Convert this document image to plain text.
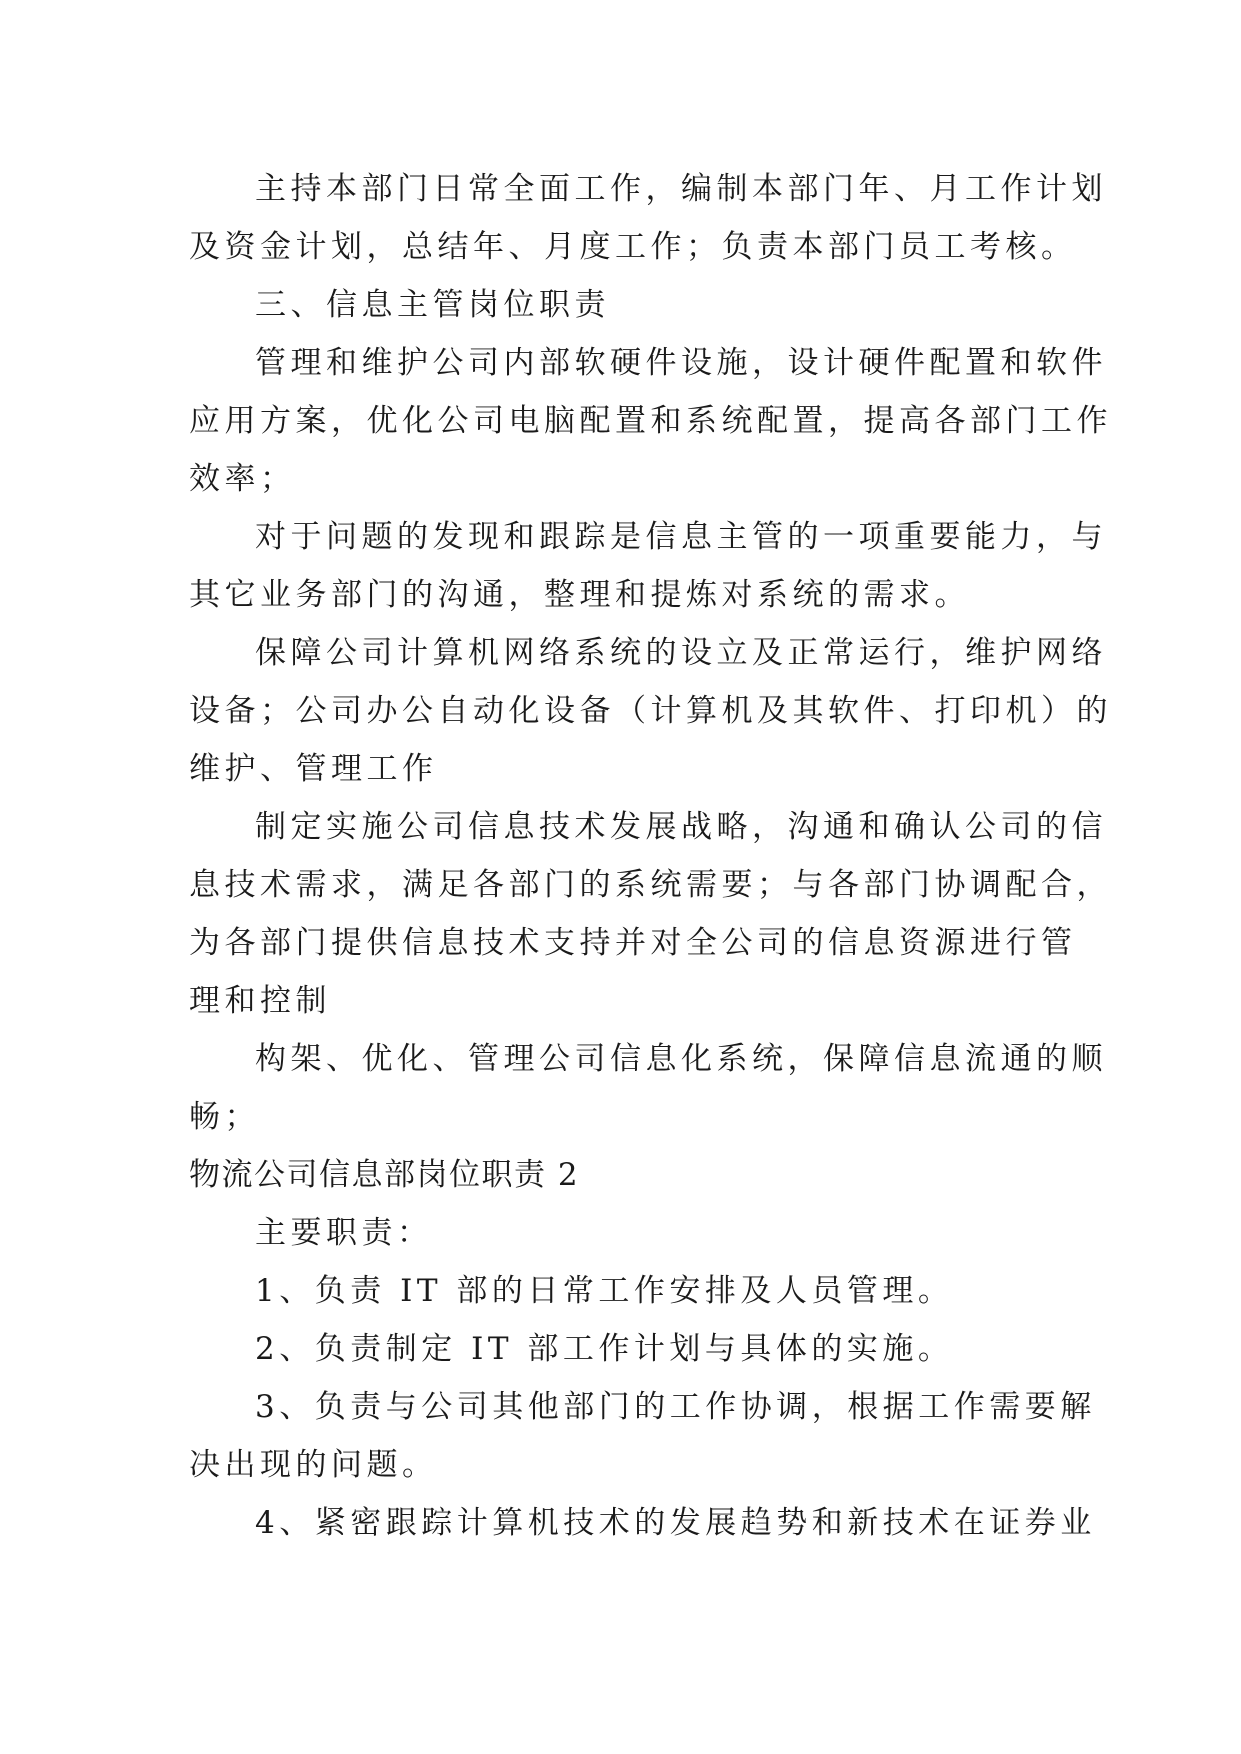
主持本部门日常全面工作，编制本部门年、月工作计划
及资金计划，总结年、月度工作；负责本部门员工考核。
三、信息主管岗位职责
管理和维护公司内部软硬件设施，设计硬件配置和软件
应用方案，优化公司电脑配置和系统配置，提高各部门工作
效率；
对于问题的发现和跟踪是信息主管的一项重要能力，与
其它业务部门的沟通，整理和提炼对系统的需求。
保障公司计算机网络系统的设立及正常运行，维护网络
设备；公司办公自动化设备（计算机及其软件、打印机）的
维护、管理工作
制定实施公司信息技术发展战略，沟通和确认公司的信
息技术需求，满足各部门的系统需要；与各部门协调配合，
为各部门提供信息技术支持并对全公司的信息资源进行管
理和控制
构架、优化、管理公司信息化系统，保障信息流通的顺
畅；
物流公司信息部岗位职责 2
主要职责：
1、负责 IT 部的日常工作安排及人员管理。
2、负责制定 IT 部工作计划与具体的实施。
3、负责与公司其他部门的工作协调，根据工作需要解
决出现的问题。
4、紧密跟踪计算机技术的发展趋势和新技术在证券业
